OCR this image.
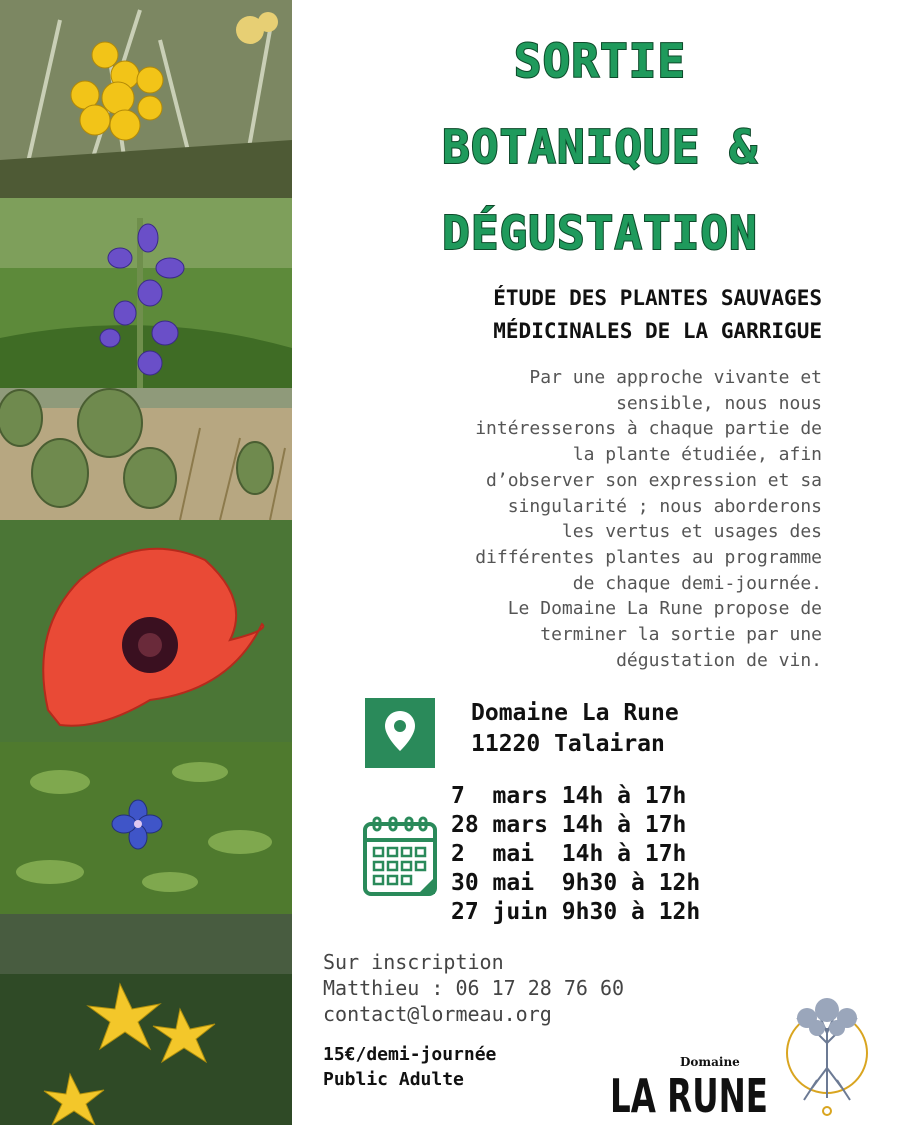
SORTIE
BOTANIQUE &
DÉGUSTATION
ÉTUDE DES PLANTES SAUVAGES
MÉDICINALES DE LA GARRIGUE
Par une approche vivante et
sensible, nous nous
intéresserons à chaque partie de
la plante étudiée, afin
d’observer son expression et sa
singularité ; nous aborderons
les vertus et usages des
différentes plantes au programme
de chaque demi-journée.
Le Domaine La Rune propose de
terminer la sortie par une
dégustation de vin.
Domaine La Rune
11220 Talairan
7  mars 14h à 17h
28 mars 14h à 17h
2  mai  14h à 17h
30 mai  9h30 à 12h
27 juin 9h30 à 12h
Sur inscription
Matthieu : 06 17 28 76 60
contact@lormeau.org
15€/demi-journée
Public Adulte
Domaine
LA RUNE
